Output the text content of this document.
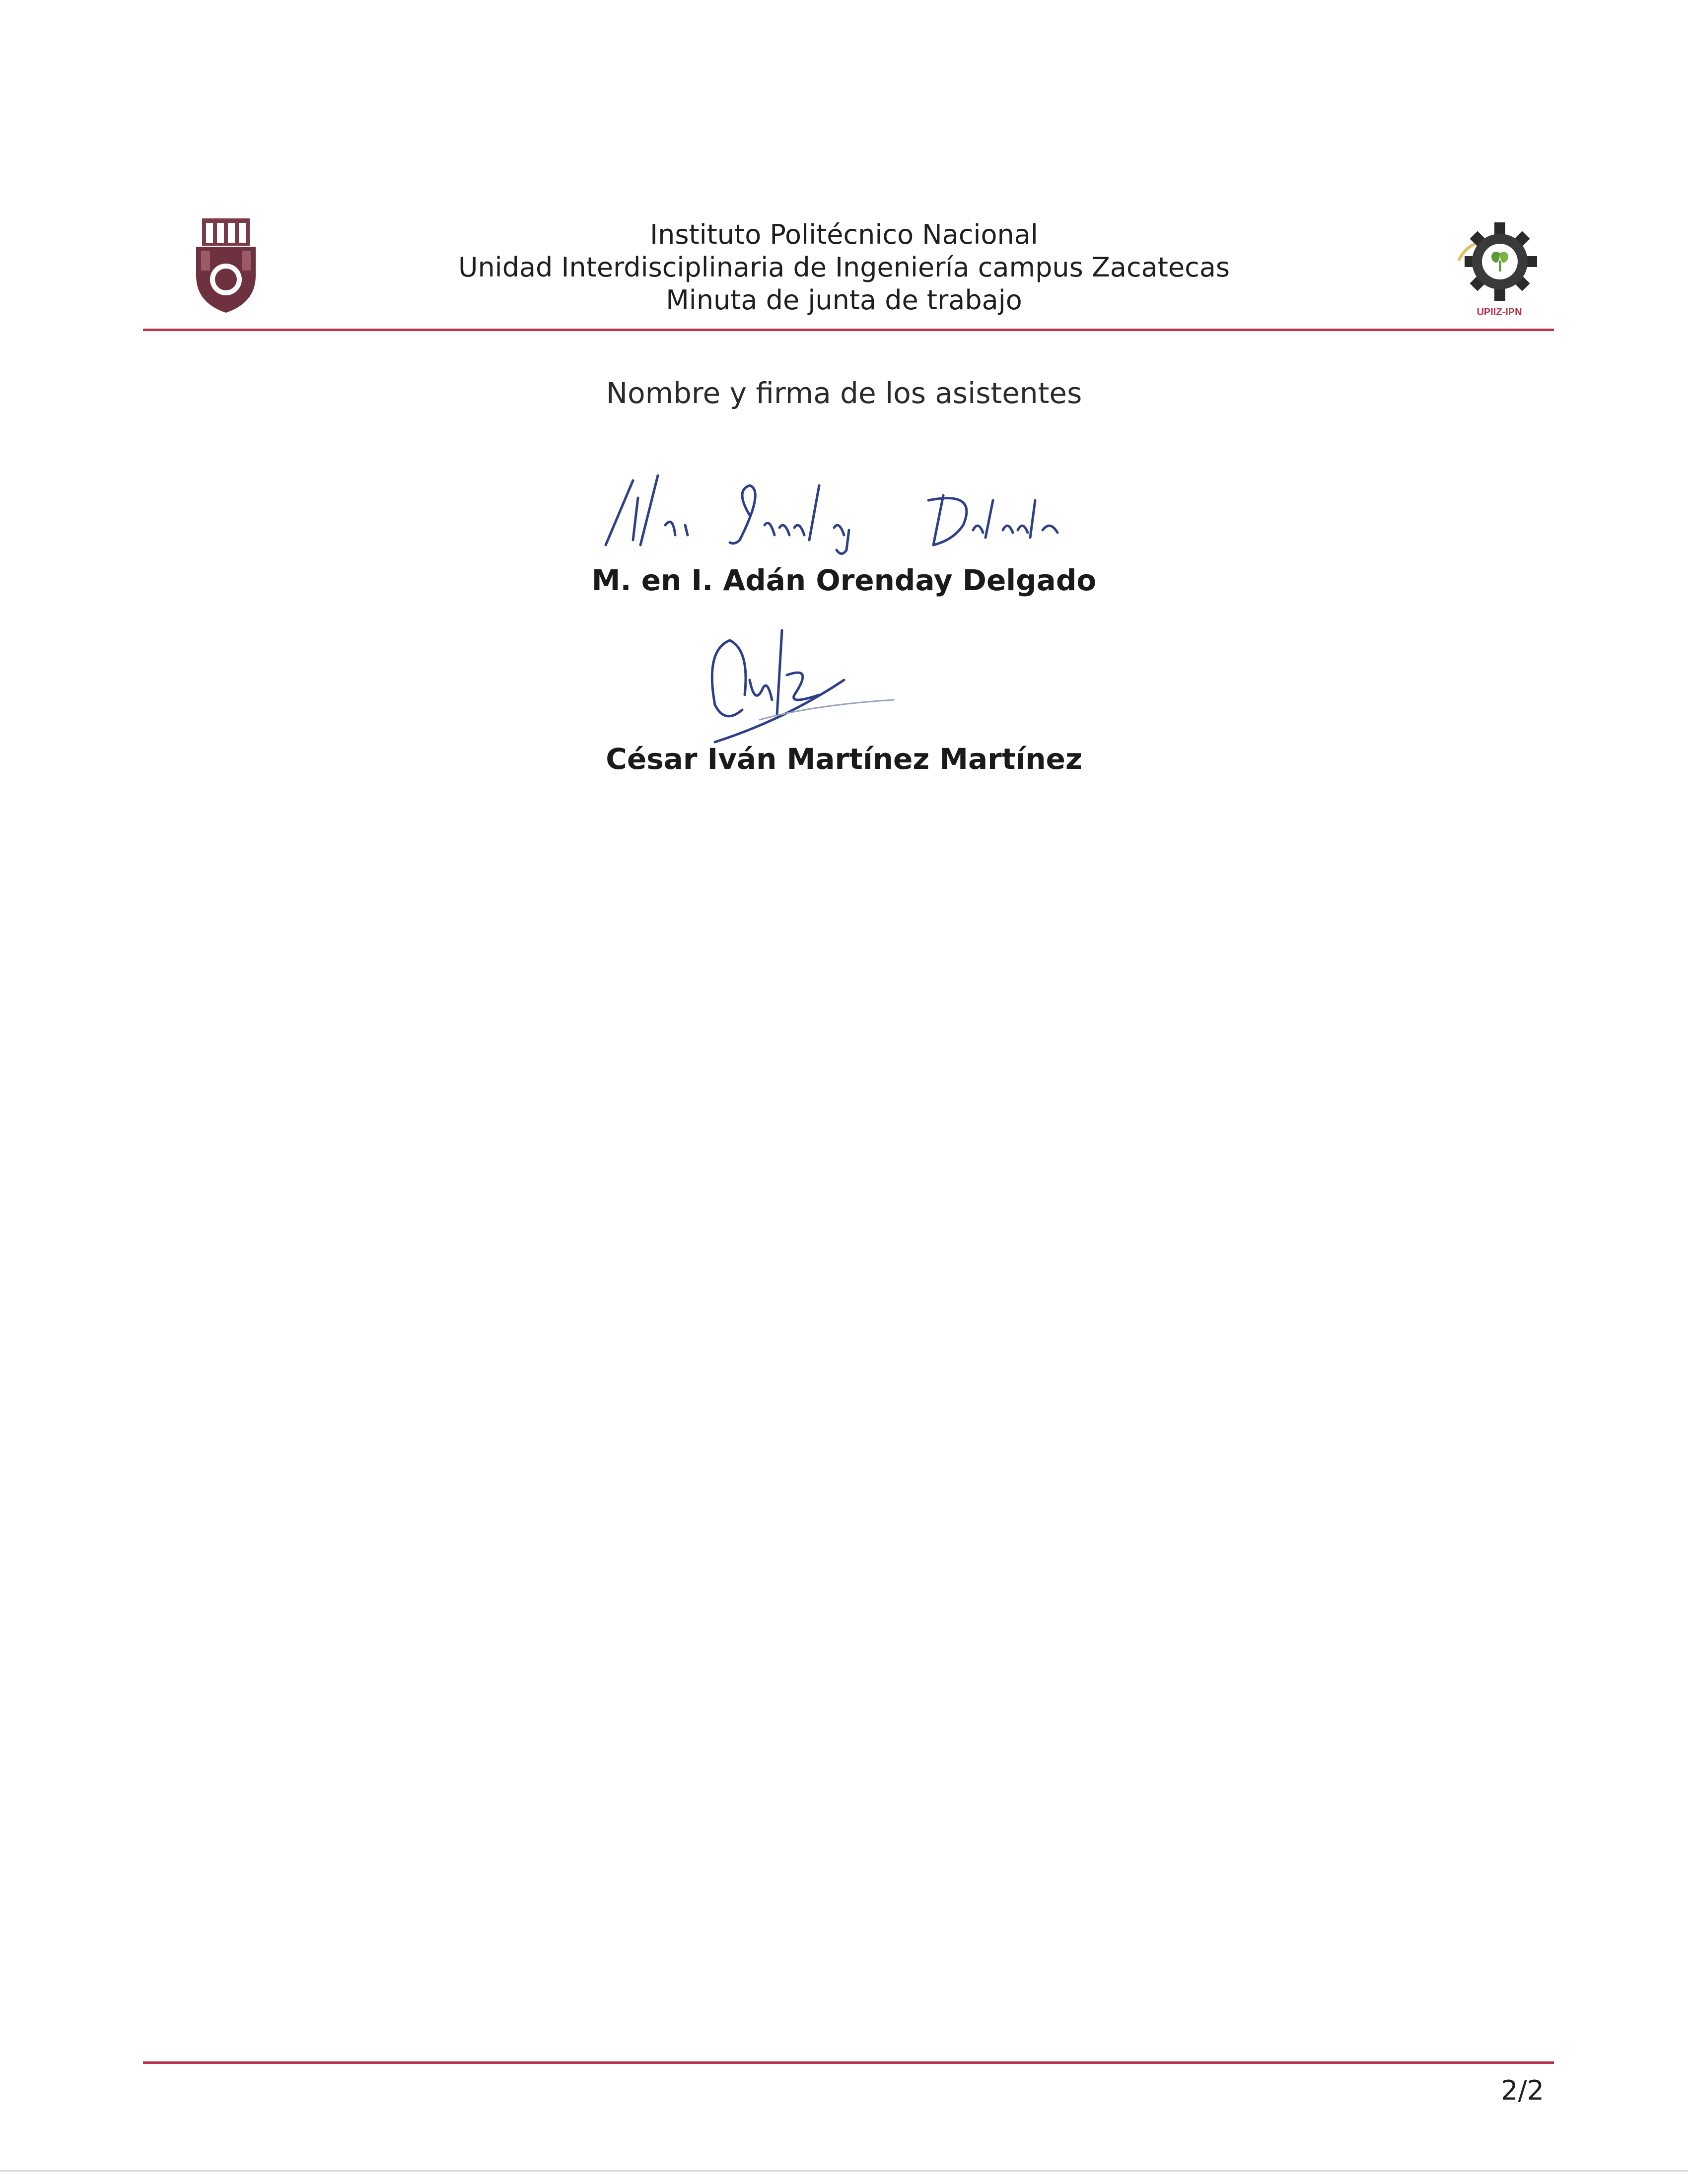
Instituto Politécnico Nacional
Unidad Interdisciplinaria de Ingeniería campus Zacatecas
Minuta de junta de trabajo	UPIIZ-IPN
Nombre y firma de los asistentes
M. en I. Adán Orenday Delgado
César Iván Martínez Martínez
2/2
